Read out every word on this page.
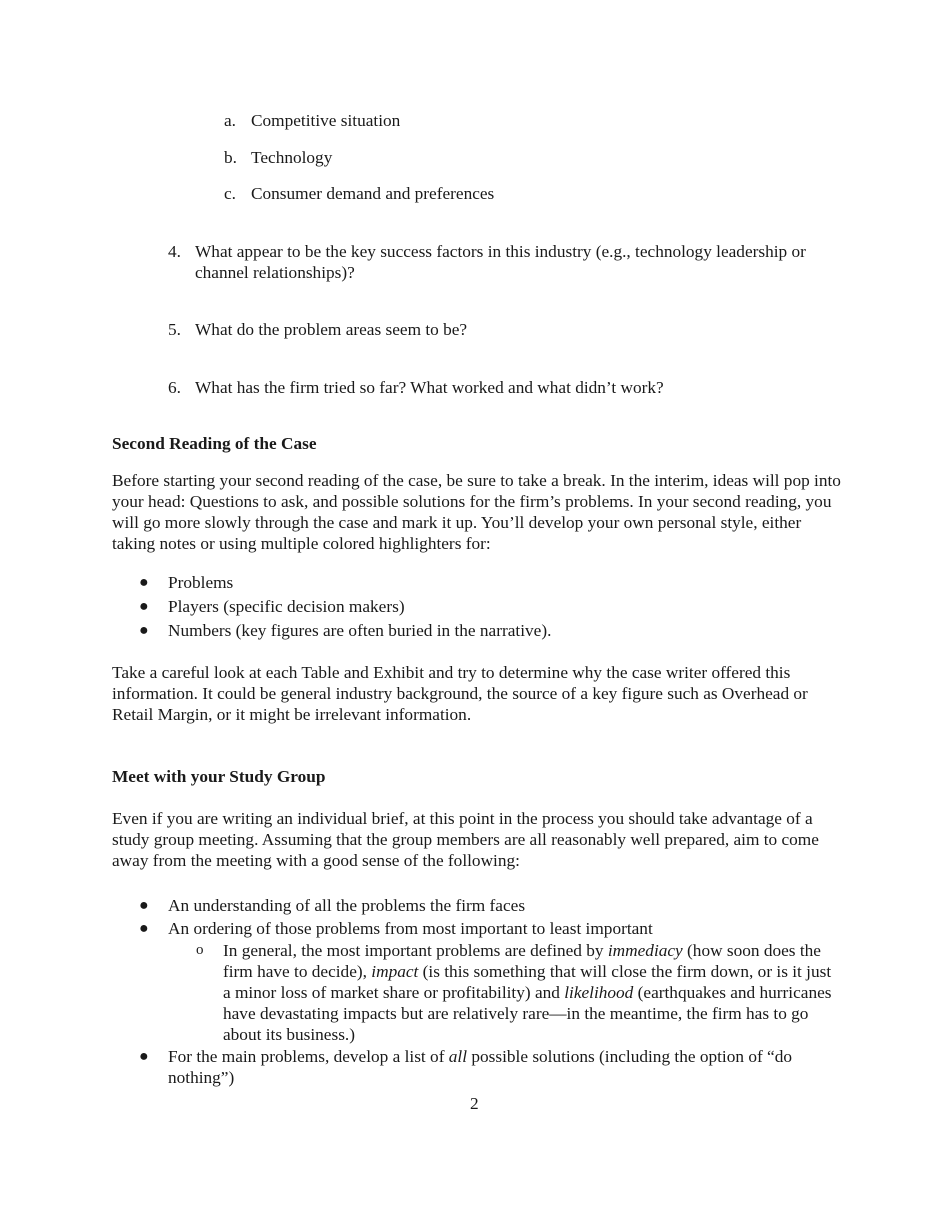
a. Competitive situation
b. Technology
c. Consumer demand and preferences
4. What appear to be the key success factors in this industry (e.g., technology leadership or channel relationships)?

5. What do the problem areas seem to be?

6. What has the firm tried so far? What worked and what didn’t work?

Second Reading of the Case

Before starting your second reading of the case, be sure to take a break. In the interim, ideas will pop into your head: Questions to ask, and possible solutions for the firm’s problems. In your second reading, you will go more slowly through the case and mark it up. You’ll develop your own personal style, either taking notes or using multiple colored highlighters for:

● Problems
● Players (specific decision makers)
● Numbers (key figures are often buried in the narrative).

Take a careful look at each Table and Exhibit and try to determine why the case writer offered this information. It could be general industry background, the source of a key figure such as Overhead or Retail Margin, or it might be irrelevant information.

Meet with your Study Group

Even if you are writing an individual brief, at this point in the process you should take advantage of a study group meeting. Assuming that the group members are all reasonably well prepared, aim to come away from the meeting with a good sense of the following:

● An understanding of all the problems the firm faces
● An ordering of those problems from most important to least important
o In general, the most important problems are defined by immediacy (how soon does the firm have to decide), impact (is this something that will close the firm down, or is it just a minor loss of market share or profitability) and likelihood (earthquakes and hurricanes have devastating impacts but are relatively rare—in the meantime, the firm has to go about its business.)

● For the main problems, develop a list of all possible solutions (including the option of “do nothing”)

2
